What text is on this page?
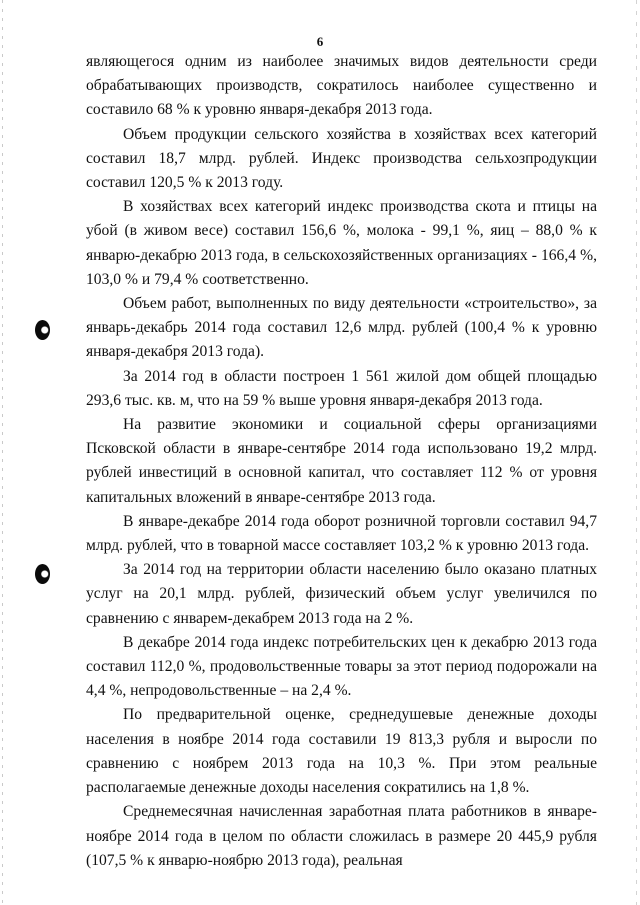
6

являющегося одним из наиболее значимых видов деятельности среди обрабатывающих производств, сократилось наиболее существенно и составило 68 % к уровню января-декабря 2013 года.

Объем продукции сельского хозяйства в хозяйствах всех категорий составил 18,7 млрд. рублей. Индекс производства сельхозпродукции составил 120,5 % к 2013 году.

В хозяйствах всех категорий индекс производства скота и птицы на убой (в живом весе) составил 156,6 %, молока - 99,1 %, яиц – 88,0 % к январю-декабрю 2013 года, в сельскохозяйственных организациях - 166,4 %, 103,0 % и 79,4 % соответственно.

Объем работ, выполненных по виду деятельности «строительство», за январь-декабрь 2014 года составил 12,6 млрд. рублей (100,4 % к уровню января-декабря 2013 года).

За 2014 год в области построен 1 561 жилой дом общей площадью 293,6 тыс. кв. м, что на 59 % выше уровня января-декабря 2013 года.

На развитие экономики и социальной сферы организациями Псковской области в январе-сентябре 2014 года использовано 19,2 млрд. рублей инвестиций в основной капитал, что составляет 112 % от уровня капитальных вложений в январе-сентябре 2013 года.

В январе-декабре 2014 года оборот розничной торговли составил 94,7 млрд. рублей, что в товарной массе составляет 103,2 % к уровню 2013 года.

За 2014 год на территории области населению было оказано платных услуг на 20,1 млрд. рублей, физический объем услуг увеличился по сравнению с январем-декабрем 2013 года на 2 %.

В декабре 2014 года индекс потребительских цен к декабрю 2013 года составил 112,0 %, продовольственные товары за этот период подорожали на 4,4 %, непродовольственные – на 2,4 %.

По предварительной оценке, среднедушевые денежные доходы населения в ноябре 2014 года составили 19 813,3 рубля и выросли по сравнению с ноябрем 2013 года на 10,3 %. При этом реальные располагаемые денежные доходы населения сократились на 1,8 %.

Среднемесячная начисленная заработная плата работников в январе-ноябре 2014 года в целом по области сложилась в размере 20 445,9 рубля (107,5 % к январю-ноябрю 2013 года), реальная
